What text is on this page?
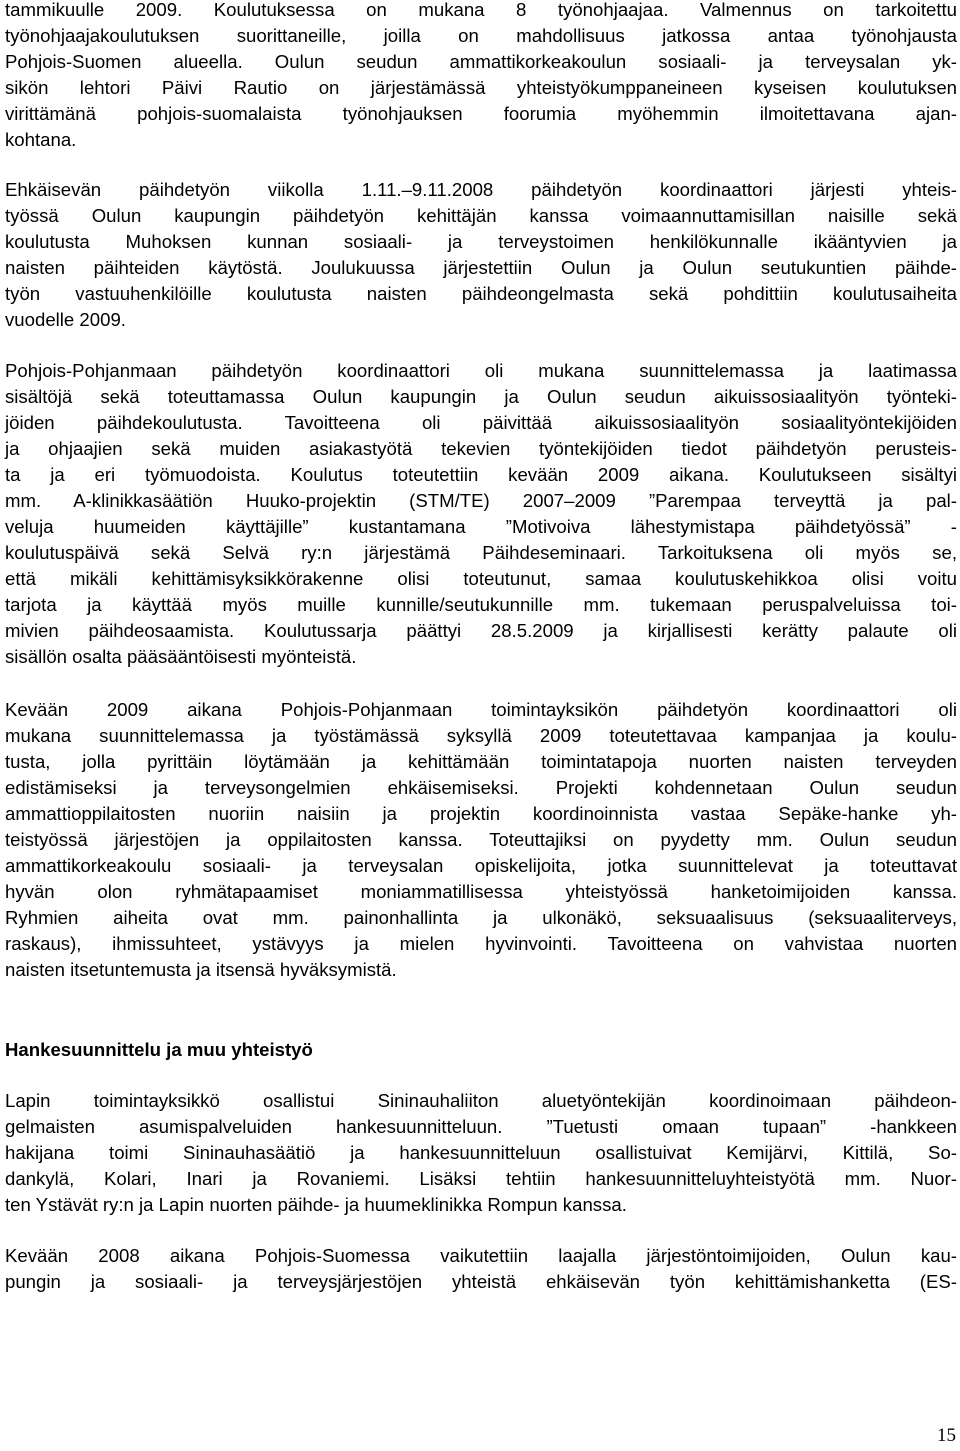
tammikuulle 2009. Koulutuksessa on mukana 8 työnohjaajaa. Valmennus on tarkoitettu
työnohjaajakoulutuksen suorittaneille, joilla on mahdollisuus jatkossa antaa työnohjausta
Pohjois-Suomen alueella. Oulun seudun ammattikorkeakoulun sosiaali- ja terveysalan yk-
sikön lehtori Päivi Rautio on järjestämässä yhteistyökumppaneineen kyseisen koulutuksen
virittämänä pohjois-suomalaista työnohjauksen foorumia myöhemmin ilmoitettavana ajan-
kohtana.
Ehkäisevän päihdetyön viikolla 1.11.–9.11.2008 päihdetyön koordinaattori järjesti yhteis-
työssä Oulun kaupungin päihdetyön kehittäjän kanssa voimaannuttamisillan naisille sekä
koulutusta Muhoksen kunnan sosiaali- ja terveystoimen henkilökunnalle ikääntyvien ja
naisten päihteiden käytöstä. Joulukuussa järjestettiin Oulun ja Oulun seutukuntien päihde-
työn vastuuhenkilöille koulutusta naisten päihdeongelmasta sekä pohdittiin koulutusaiheita
vuodelle 2009.
Pohjois-Pohjanmaan päihdetyön koordinaattori oli mukana suunnittelemassa ja laatimassa
sisältöjä sekä toteuttamassa Oulun kaupungin ja Oulun seudun aikuissosiaalityön työnteki-
jöiden päihdekoulutusta. Tavoitteena oli päivittää aikuissosiaalityön sosiaalityöntekijöiden
ja ohjaajien sekä muiden asiakastyötä tekevien työntekijöiden tiedot päihdetyön perusteis-
ta ja eri työmuodoista. Koulutus toteutettiin kevään 2009 aikana. Koulutukseen sisältyi
mm. A-klinikkasäätiön Huuko-projektin (STM/TE) 2007–2009 ”Parempaa terveyttä ja pal-
veluja huumeiden käyttäjille” kustantamana ”Motivoiva lähestymistapa päihdetyössä” -
koulutuspäivä sekä Selvä ry:n järjestämä Päihdeseminaari. Tarkoituksena oli myös se,
että mikäli kehittämisyksikkörakenne olisi toteutunut, samaa koulutuskehikkoa olisi voitu
tarjota ja käyttää myös muille kunnille/seutukunnille mm. tukemaan peruspalveluissa toi-
mivien päihdeosaamista. Koulutussarja päättyi 28.5.2009 ja kirjallisesti kerätty palaute oli
sisällön osalta pääsääntöisesti myönteistä.
Kevään 2009 aikana Pohjois-Pohjanmaan toimintayksikön päihdetyön koordinaattori oli
mukana suunnittelemassa ja työstämässä syksyllä 2009 toteutettavaa kampanjaa ja koulu-
tusta, jolla pyrittäin löytämään ja kehittämään toimintatapoja nuorten naisten terveyden
edistämiseksi ja terveysongelmien ehkäisemiseksi. Projekti kohdennetaan Oulun seudun
ammattioppilaitosten nuoriin naisiin ja projektin koordinoinnista vastaa Sepäke-hanke yh-
teistyössä järjestöjen ja oppilaitosten kanssa. Toteuttajiksi on pyydetty mm. Oulun seudun
ammattikorkeakoulu sosiaali- ja terveysalan opiskelijoita, jotka suunnittelevat ja toteuttavat
hyvän olon ryhmätapaamiset moniammatillisessa yhteistyössä hanketoimijoiden kanssa.
Ryhmien aiheita ovat mm. painonhallinta ja ulkonäkö, seksuaalisuus (seksuaaliterveys,
raskaus), ihmissuhteet, ystävyys ja mielen hyvinvointi. Tavoitteena on vahvistaa nuorten
naisten itsetuntemusta ja itsensä hyväksymistä.
Hankesuunnittelu ja muu yhteistyö
Lapin toimintayksikkö osallistui Sininauhaliiton aluetyöntekijän koordinoimaan päihdeon-
gelmaisten asumispalveluiden hankesuunnitteluun. ”Tuetusti omaan tupaan” -hankkeen
hakijana toimi Sininauhasäätiö ja hankesuunnitteluun osallistuivat Kemijärvi, Kittilä, So-
dankylä, Kolari, Inari ja Rovaniemi. Lisäksi tehtiin hankesuunnitteluyhteistyötä mm. Nuor-
ten Ystävät ry:n ja Lapin nuorten päihde- ja huumeklinikka Rompun kanssa.
Kevään 2008 aikana Pohjois-Suomessa vaikutettiin laajalla järjestöntoimijoiden, Oulun kau-
pungin ja sosiaali- ja terveysjärjestöjen yhteistä ehkäisevän työn kehittämishanketta (ES-
15
